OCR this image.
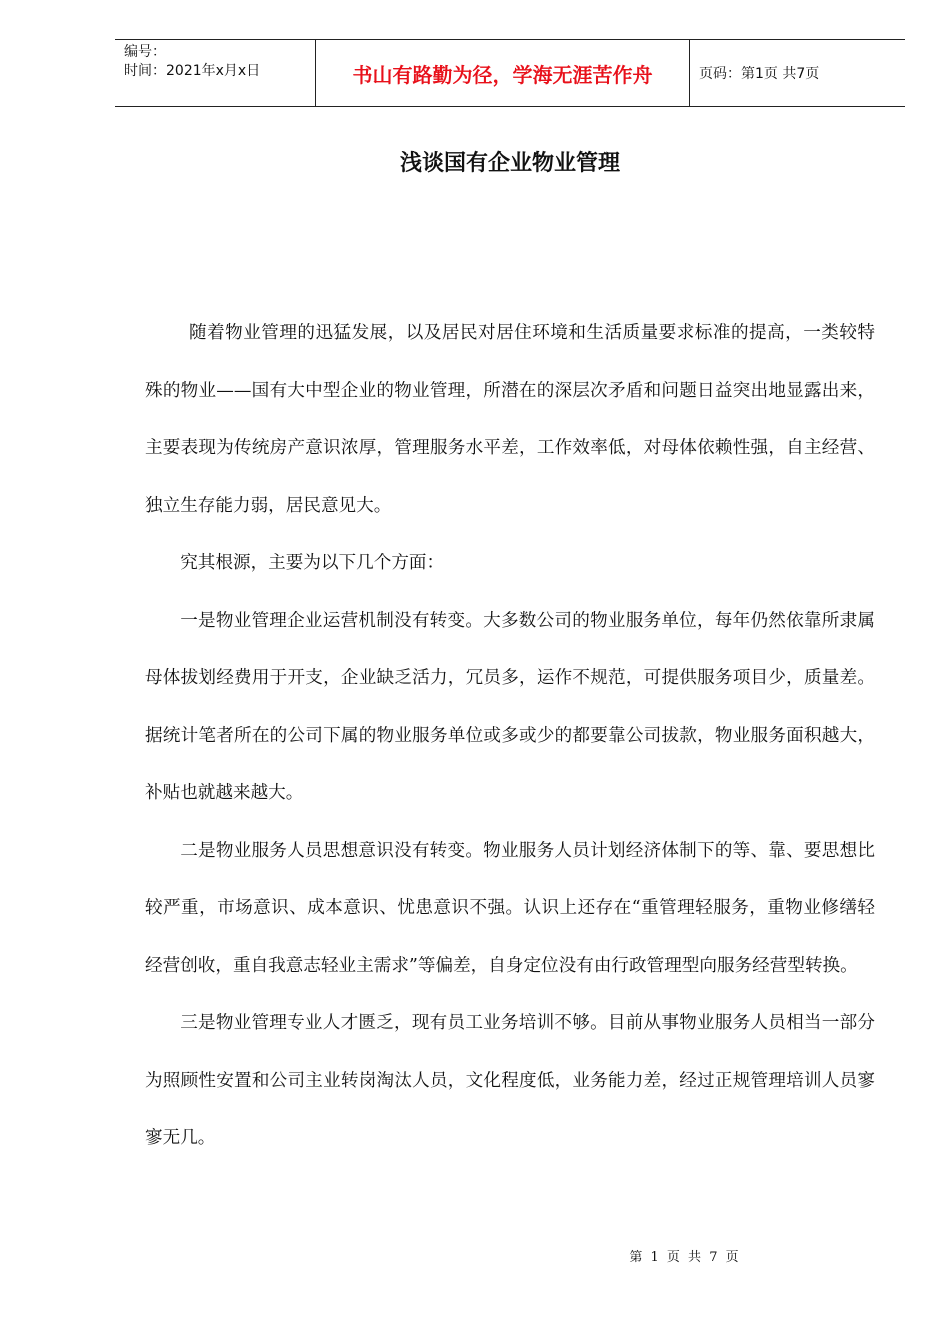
编号：
时间：2021年x月x日	书山有路勤为径，学海无涯苦作舟	页码：第1页 共7页
浅谈国有企业物业管理

随着物业管理的迅猛发展，以及居民对居住环境和生活质量要求标准的提高，一类较特殊的物业——国有大中型企业的物业管理，所潜在的深层次矛盾和问题日益突出地显露出来，主要表现为传统房产意识浓厚，管理服务水平差，工作效率低，对母体依赖性强，自主经营、独立生存能力弱，居民意见大。

究其根源，主要为以下几个方面：

一是物业管理企业运营机制没有转变。大多数公司的物业服务单位，每年仍然依靠所隶属母体拔划经费用于开支，企业缺乏活力，冗员多，运作不规范，可提供服务项目少，质量差。据统计笔者所在的公司下属的物业服务单位或多或少的都要靠公司拔款，物业服务面积越大，补贴也就越来越大。

二是物业服务人员思想意识没有转变。物业服务人员计划经济体制下的等、靠、要思想比较严重，市场意识、成本意识、忧患意识不强。认识上还存在“重管理轻服务，重物业修缮轻经营创收，重自我意志轻业主需求”等偏差，自身定位没有由行政管理型向服务经营型转换。

三是物业管理专业人才匮乏，现有员工业务培训不够。目前从事物业服务人员相当一部分为照顾性安置和公司主业转岗淘汰人员，文化程度低，业务能力差，经过正规管理培训人员寥寥无几。

第 1 页 共 7 页
